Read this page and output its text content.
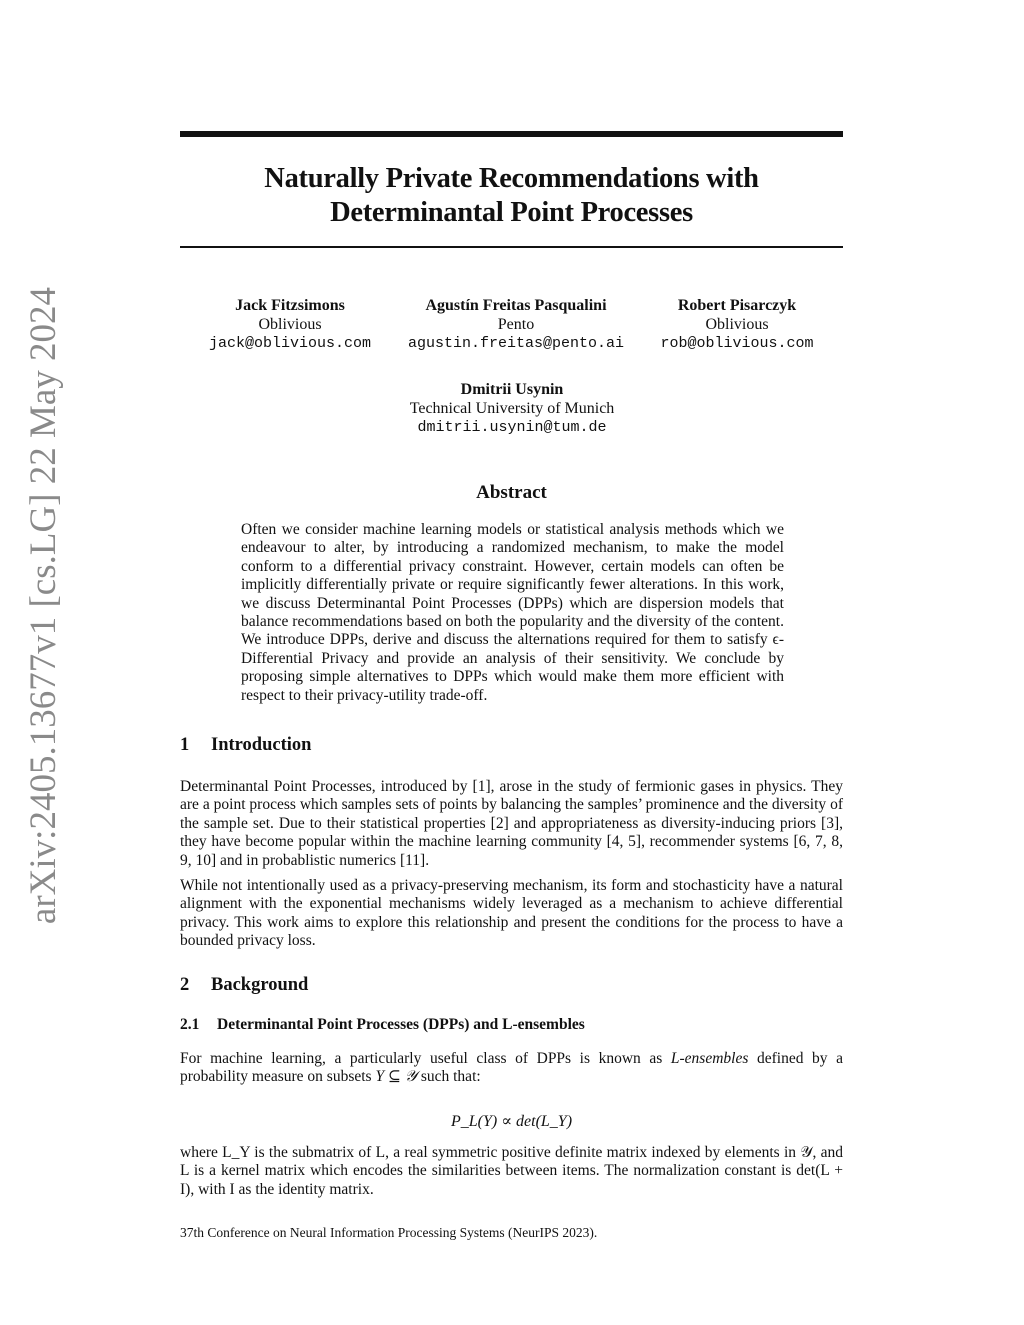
arXiv:2405.13677v1 [cs.LG] 22 May 2024
Naturally Private Recommendations with
Determinantal Point Processes
Jack Fitzsimons
Oblivious
jack@oblivious.com
Agustín Freitas Pasqualini
Pento
agustin.freitas@pento.ai
Robert Pisarczyk
Oblivious
rob@oblivious.com
Dmitrii Usynin
Technical University of Munich
dmitrii.usynin@tum.de
Abstract

Often we consider machine learning models or statistical analysis methods which we endeavour to alter, by introducing a randomized mechanism, to make the model conform to a differential privacy constraint. However, certain models can often be implicitly differentially private or require significantly fewer alterations. In this work, we discuss Determinantal Point Processes (DPPs) which are dispersion models that balance recommendations based on both the popularity and the diversity of the content. We introduce DPPs, derive and discuss the alternations required for them to satisfy ϵ-Differential Privacy and provide an analysis of their sensitivity. We conclude by proposing simple alternatives to DPPs which would make them more efficient with respect to their privacy-utility trade-off.

1 Introduction

Determinantal Point Processes, introduced by [1], arose in the study of fermionic gases in physics. They are a point process which samples sets of points by balancing the samples’ prominence and the diversity of the sample set. Due to their statistical properties [2] and appropriateness as diversity-inducing priors [3], they have become popular within the machine learning community [4, 5], recommender systems [6, 7, 8, 9, 10] and in probablistic numerics [11].

While not intentionally used as a privacy-preserving mechanism, its form and stochasticity have a natural alignment with the exponential mechanisms widely leveraged as a mechanism to achieve differential privacy. This work aims to explore this relationship and present the conditions for the process to have a bounded privacy loss.

2 Background
2.1 Determinantal Point Processes (DPPs) and L-ensembles

For machine learning, a particularly useful class of DPPs is known as L-ensembles defined by a probability measure on subsets Y ⊆ 𝒴 such that:

P_L(Y) ∝ det(L_Y)

where L_Y is the submatrix of L, a real symmetric positive definite matrix indexed by elements in 𝒴, and L is a kernel matrix which encodes the similarities between items. The normalization constant is det(L + I), with I as the identity matrix.

37th Conference on Neural Information Processing Systems (NeurIPS 2023).
